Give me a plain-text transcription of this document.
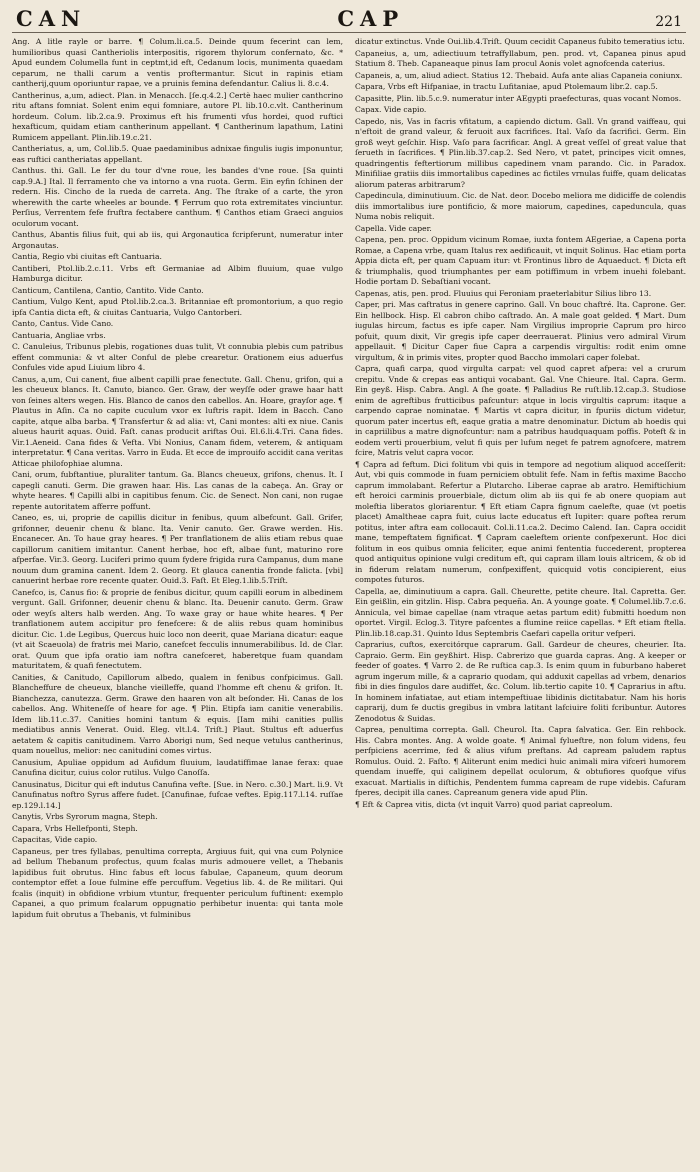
CAN	CAP	221

Ang. A litle rayle or barre. ¶ Colum.li.ca.5. Deinde quum fecerint can lem, humilioribus quasi Cantheriolis interpositis, rigorem thylorum confernato, &c. * Apud eundem Columella funt in ceptmt,id eft, Cedanum locis, munimenta quaedam ceparum, ne thalli carum a ventis proftermantur. Sicut in rapinis etiam cantherij,quum oporiuntur rapae, ve a pruinis femina defendantur. Calius li. 8.c.4.

Cantherinus, a,um, adiect. Plan. in Menacch. [ſe.q.4.2.] Certè haec mulier canthcrino ritu aftans fomniat. Solent enim equi fomniare, autore Pl. lib.10.c.vlt. Cantherinum hordeum. Colum. lib.2.ca.9. Proximus eft his frumenti vfus hordei, quod ruftici hexafticum, quidam etiam cantherinum appellant. ¶ Cantherinum lapathum, Latini Rumicem appellant. Plin.lib.19.c.21.

Cantheriatus, a, um, Col.lib.5. Quae paedaminibus adnixae fingulis iugis imponuntur, eas ruftici cantheriatas appellant.

Canthus. thi. Gall. Le fer du tour d'vne roue, les bandes d'vne roue. [Sa quinti cap.9.A.] Ital. Il ferramento che va intorno a vna ruota. Germ. Ein eyfin ſchinen der redern. His. Cincho de la rueda de carreta. Ang. The ſtrake of a carte, the yron wherewith the carte wheeles ar bounde. ¶ Ferrum quo rota extremitates vinciuntur. Perſius, Verrentem fefe fruftra fectabere canthum. ¶ Canthos etiam Graeci anguios oculorum vocant.

Canthus, Abantis filius fuit, qui ab iis, qui Argonautica fcripferunt, numeratur inter Argonautas.

Cantia, Regio vbi ciuitas eft Cantuaria.

Cantiberi, Ptol.lib.2.c.11. Vrbs eft Germaniae ad Albim fluuium, quae vulgo Hamburga dicitur.

Canticum, Cantilena, Cantio, Cantito. Vide Canto.

Cantium, Vulgo Kent, apud Ptol.lib.2.ca.3. Britanniae eft promontorium, a quo regio ipfa Cantia dicta eft, & ciuitas Cantuaria, Vulgo Cantorberi.

Canto, Cantus. Vide Cano.

Cantuaria, Angliae vrbs.

C. Canuleius, Tribunus plebis, rogationes duas tulit, Vt connubia plebis cum patribus effent communia: & vt alter Conful de plebe crearetur. Orationem eius aduerfus Confules vide apud Liuium libro 4.

Canus, a,um, Cui canent, fiue albent capilli prae fenectute. Gall. Chenu, grifon, qui a les cheueux blancs. It. Canuto, bianco. Ger. Graw, der weyſſe oder grawe haar hatt von ſeines alters wegen. His. Blanco de canos den cabellos. An. Hoare, grayſor age. ¶ Plautus in Aſin. Ca no capite cuculum vxor ex luftris rapit. Idem in Bacch. Cano capite, atque alba barba. ¶ Transfertur & ad alia: vt, Cani montes: alti ex niue. Canis alueus haurit aquas. Ouid. Faſt. canas producit ariftas Oui. El.6.li.4.Tri. Cana fides. Vir.1.Aeneid. Cana fides & Vefta. Vbi Nonius, Canam fidem, veterem, & antiquam interpretatur. ¶ Cana veritas. Varro in Euda. Et ecce de improuifo accidit cana veritas Atticae philofophiae alumna.

Cani, orum, fubftantiue, pluraliter tantum. Ga. Blancs cheueux, grifons, chenus. It. I capegli canuti. Germ. Die grawen haar. His. Las canas de la cabeça. An. Gray or whyte heares. ¶ Capilli albi in capitibus fenum. Cic. de Senect. Non cani, non rugae repente autoritatem afferre poffunt.

Caneo, es, ui, proprie de capillis dicitur in fenibus, quum albefcunt. Gall. Grifer, grifonner, deuenir chenu & blanc. Ita. Venir canuto. Ger. Grawe werden. His. Encanecer. An. To haue gray heares. ¶ Per tranflationem de aliis etiam rebus quae capillorum canitiem imitantur. Canent herbae, hoc eft, albae funt, maturino rore afperfae. Vir.3. Georg. Luciferi primo quum fydere frigida rura Campanus, dum mane nouum dum gramina canent. Idem 2. Georg. Et glauca canentia fronde falicta. [vbi] canuerint herbae rore recente quater. Ouid.3. Faſt. Et Eleg.1.lib.5.Triſt.

Canefco, is, Canus fio: & proprie de fenibus dicitur, quum capilli eorum in albedinem vergunt. Gall. Grifonner, deuenir chenu & blanc. Ita. Deuenir canuto. Germ. Graw oder weyſs alters halb werden. Ang. To waxe gray or haue white heares. ¶ Per tranflationem autem accipitur pro fenefcere: & de aliis rebus quam hominibus dicitur. Cic. 1.de Legibus, Quercus huic loco non deerit, quae Mariana dicatur: eaque (vt ait Scaeuola) de fratris mei Mario, canefcet fecculis innumerabilibus. Id. de Clar. orat. Quum que ipfa oratio iam noftra canefceret, haberetque fuam quandam maturitatem, & quafi fenectutem.

Canities, & Canitudo, Capillorum albedo, qualem in fenibus confpicimus. Gall. Blancheffure de cheueux, blanche vieilleffe, quand l'homme eft chenu & grifon. It. Bianchezza, canutezza. Germ. Grawe den haaren von alt beſonder. Hi. Canas de los cabellos. Ang. Whiteneſſe of heare for age. ¶ Plin. Etipfa iam canitie venerabilis. Idem lib.11.c.37. Canities homini tantum & equis. [Iam mihi canities pullis mediatibus annis Venerat. Ouid. Eleg. vlt.l.4. Triſt.] Plaut. Stultus eft aduerfus aetatem & capitis canitudinem. Varro Aborigi num, Sed neque vetulus cantherinus, quam nouellus, melior: nec canitudini comes virtus.

Canusium, Apuliae oppidum ad Aufidum fluuium, laudatiffimae lanae ferax: quae Canufina dicitur, cuius color rutilus. Vulgo Canoſſa.

Canusinatus, Dicitur qui eft indutus Canufina vefte. [Sue. in Nero. c.30.] Mart. li.9. Vt Canufinatus noftro Syrus affere fudet. [Canufinae, fufcae veftes. Epig.117.l.14. ruſſae ep.129.l.14.]

Canytis, Vrbs Syrorum magna, Steph.

Capara, Vrbs Hellefponti, Steph.

Capacitas, Vide capio.

Capaneus, per tres fyllabas, penultima correpta, Argiuus fuit, qui vna cum Polynice ad bellum Thebanum profectus, quum fcalas muris admouere vellet, a Thebanis lapidibus fuit obrutus. Hinc fabus eft locus fabulae, Capaneum, quum deorum contemptor effet a Ioue fulmine effe percuffum. Vegetius lib. 4. de Re militari. Qui fcalis (inquit) in obfidione vrbium vtuntur, frequenter periculum fuftinent: exemplo Capanei, a quo primum fcalarum oppugnatio perhibetur inuenta: qui tanta mole lapidum fuit obrutus a Thebanis, vt fulminibus

dicatur extinctus. Vnde Oui.lib.4.Triſt. Quum cecidit Capaneus fubito temeratius ictu.

Capaneius, a, um, adiectiuum tetraffyllabum, pen. prod. vt, Capanea pinus apud Statium 8. Theb. Capaneaque pinus Iam procul Aonis volet agnofcenda caterius.

Capaneis, a, um, aliud adiect. Statius 12. Thebaid. Aufa ante alias Capaneia coniunx.

Capara, Vrbs eft Hifpaniae, in tractu Lufitaniae, apud Ptolemaum libr.2. cap.5.

Capasitte, Plin. lib.5.c.9. numeratur inter AEgypti praefecturas, quas vocant Nomos.

Capax. Vide capio.

Capedo, nis, Vas in facris vfitatum, a capiendo dictum. Gall. Vn grand vaiffeau, qui n'eftoit de grand valeur, & feruoit aux facrifices. Ital. Vaſo da ſacrifici. Germ. Ein groß weyt geſchir. Hisp. Vaſo para ſacrificar. Angl. A great veſſel of great value that ſerueth in ſacrifices. ¶ Plin.lib.37.cap.2. Sed Nero, vt patet, principes vicit omnes, quadringentis feftertiorum millibus capedinem vnam parando. Cic. in Paradox. Minifiliae gratiis diis immortalibus capedines ac fictiles vrnulas fuiffe, quam delicatas aliorum pateras arbitrarum?

Capedincula, diminutiuum. Cic. de Nat. deor. Docebo meliora me didiciffe de colendis diis immortalibus iure pontificio, & more maiorum, capedines, capeduncula, quas Numa nobis reliquit.

Capella. Vide caper.

Capena, pen. proc. Oppidum vicinum Romae, iuxta fontem AEgeriae, a Capena porta Romae, a Capena vrbe, quam Italus rex aedificauit, vt inquit Solinus. Hac etiam porta Appia dicta eft, per quam Capuam itur: vt Frontinus libro de Aquaeduct. ¶ Dicta eft & triumphalis, quod triumphantes per eam potiffimum in vrbem inuehi folebant. Hodie portam D. Sebaſtiani vocant.

Capenas, atis, pen. prod. Fluuius qui Feroniam praeterlabitur Silius libro 13.

Caper, pri. Mas caftratus in genere caprino. Gall. Vn bouc chaftré. Ita. Caprone. Ger. Ein hellbock. Hisp. El cabron chibo caſtrado. An. A male goat gelded. ¶ Mart. Dum iugulas hircum, factus es ipfe caper. Nam Virgilius improprie Caprum pro hirco pofuit, quum dixit, Vir gregis ipfe caper deerrauerat. Plinius vero admiral Virum appellauit. ¶ Dicitur Caper fiue Capra a carpendis virgultis: rodit enim omne virgultum, & in primis vites, propter quod Baccho immolari caper folebat.

Capra, quafi carpa, quod virgulta carpat: vel quod capret afpera: vel a crurum crepitu. Vnde & crepas eas antiqui vocabant. Gal. Vne Chieure. Ital. Capra. Germ. Ein geyß. Hisp. Cabra. Angl. A ſhe goate. ¶ Palladius Re ruſt.lib.12.cap.3. Studiose enim de agreftibus frutticibus pafcuntur: atque in locis virgultis caprum: itaque a carpendo caprae nominatae. ¶ Martis vt capra dicitur, in fpuriis dictum videtur, quorum pater incertus eft, eaque gratia a matre denominatur. Dictum ab hoedis qui in capriilibus a matre dignofcuntur: nam a patribus haudquaquam poffis. Poteft & in eodem verti prouerbium, velut fi quis per lufum neget fe patrem agnofcere, matrem fcire, Matris velut capra vocor.

¶ Capra ad feftum. Dici folitum vbi quis in tempore ad negotium aliquod acceſſerit: Aut, vbi quis commode in fuam perniciem obtulit fefe. Nam in feftis maxime Baccho caprum immolabant. Refertur a Plutarcho. Liberae caprae ab aratro. Hemiftichium eft heroici carminis prouerbiale, dictum olim ab iis qui fe ab onere quopiam aut moleftia liberatos gloriarentur. ¶ Eft etiam Capra fignum caelefte, quae (vt poetis placet) Amaltheae capra fuit, cuius lacte educatus eft Iupiter: quare poftea rerum potitus, inter aftra eam collocauit. Col.li.11.ca.2. Decimo Calend. Ian. Capra occidit mane, tempeftatem fignificat. ¶ Capram caeleftem oriente confpexerunt. Hoc dici folitum in eos quibus omnia feliciter, eque animi fententia fuccederent, propterea quod antiquitus opinione vulgi creditum eft, qui capram illam louis altricem, & ob id in fiderum relatam numerum, confpexiffent, quicquid votis concipierent, eius compotes futuros.

Capella, ae, diminutiuum a capra. Gall. Cheurette, petite cheure. Ital. Capretta. Ger. Ein geißlin, ein gitzlin. Hisp. Cabra pequeña. An. A younge goate. ¶ Columel.lib.7.c.6. Annicula, vel bimae capellae (nam vtraque aetas partum edit) fubmitti hoedum non oportet. Virgil. Eclog.3. Tityre pafcentes a flumine reiice capellas. * Eft etiam ftella. Plin.lib.18.cap.31. Quinto Idus Septembris Caefari capella oritur vefperi.

Caprarius, cuftos, exercitórque caprarum. Gall. Gardeur de cheures, cheurier. Ita. Capraio. Germ. Ein geyßhirt. Hisp. Cabrerizo que guarda capras. Ang. A keeper or feeder of goates. ¶ Varro 2. de Re ruſtica cap.3. Is enim quum in fuburbano haberet agrum ingerum mille, & a caprario quodam, qui adduxit capellas ad vrbem, denarios fibi in dies fingulos dare audiffet, &c. Colum. lib.tertio capite 10. ¶ Caprarius in aftu. In hominem infatiatae, aut etiam intempeftiuae libidinis dictitabatur. Nam his horis caprarij, dum fe ductis gregibus in vmbra latitant lafciuire foliti fcribuntur. Autores Zenodotus & Suidas.

Caprea, penultima correpta. Gall. Cheurol. Ita. Capra ſalvatica. Ger. Ein rehbock. His. Cabra montes. Ang. A wolde goate. ¶ Animal fylueftre, non folum videns, feu perfpiciens acerrime, fed & alius vifum preftans. Ad capream paludem raptus Romulus. Ouid. 2. Faſto. ¶ Aliterunt enim medici huic animali mira vifceri humorem quendam inueffe, qui caliginem depellat oculorum, & obtufiores quofque vifus exacuat. Martialis in diſtichis, Pendentem fumma capream de rupe videbis. Cafuram fperes, decipit illa canes. Capreanum genera vide apud Plin.

¶ Eft & Caprea vitis, dicta (vt inquit Varro) quod pariat capreolum.
